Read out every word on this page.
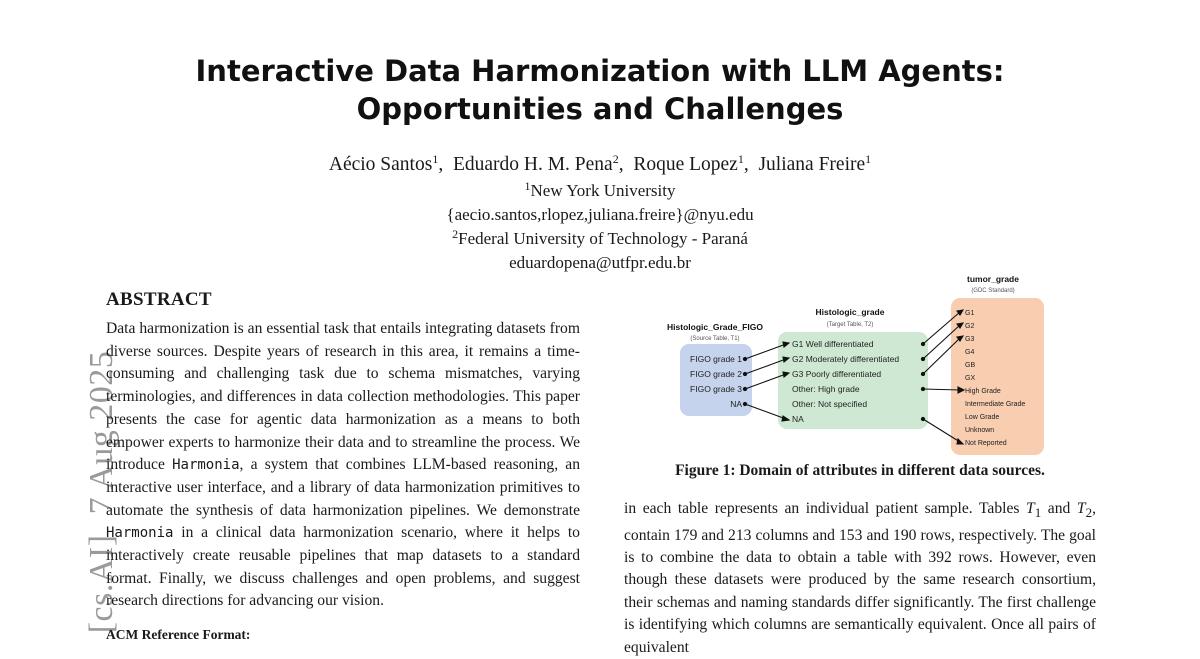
[cs.AI]7 Aug 2025
Interactive Data Harmonization with LLM Agents:
Opportunities and Challenges
Aécio Santos$^1$,  Eduardo H. M. Pena$^2$,  Roque Lopez$^1$,  Juliana Freire$^1$
$^1$New York University
{aecio.santos,rlopez,juliana.freire}@nyu.edu
$^2$Federal University of Technology - Paraná
eduardopena@utfpr.edu.br
ABSTRACT
Data harmonization is an essential task that entails integrating datasets from diverse sources. Despite years of research in this area, it remains a time-consuming and challenging task due to schema mismatches, varying terminologies, and differences in data collection methodologies. This paper presents the case for agentic data harmonization as a means to both empower experts to harmonize their data and to streamline the process. We introduce Harmonia, a system that combines LLM-based reasoning, an interactive user interface, and a library of data harmonization primitives to automate the synthesis of data harmonization pipelines. We demonstrate Harmonia in a clinical data harmonization scenario, where it helps to interactively create reusable pipelines that map datasets to a standard format. Finally, we discuss challenges and open problems, and suggest research directions for advancing our vision.
ACM Reference Format:
Histologic_Grade_FIGO
(Source Table, T1)
Histologic_grade
(Target Table, T2)
tumor_grade
(GDC Standard)
FIGO grade 1
FIGO grade 2
FIGO grade 3
NA
G1 Well differentiated
G2 Moderately differentiated
G3 Poorly differentiated
Other: High grade
Other: Not specified
NA
G1
G2
G3
G4
GB
GX
High Grade
Intermediate Grade
Low Grade
Unknown
Not Reported
Figure 1: Domain of attributes in different data sources.
in each table represents an individual patient sample. Tables $T_1$ and $T_2$, contain 179 and 213 columns and 153 and 190 rows, respectively. The goal is to combine the data to obtain a table with 392 rows. However, even though these datasets were produced by the same research consortium, their schemas and naming standards differ significantly. The first challenge is identifying which columns are semantically equivalent. Once all pairs of equivalent
